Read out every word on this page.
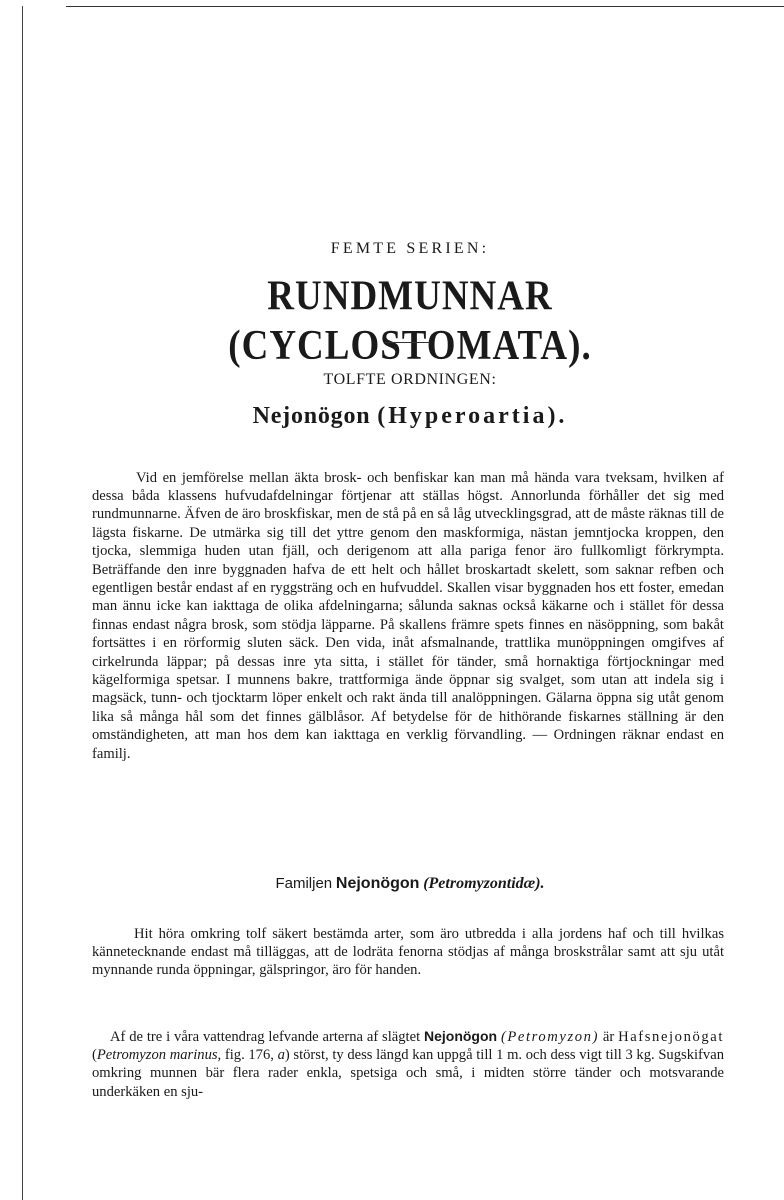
FEMTE SERIEN:
RUNDMUNNAR (CYCLOSTOMATA).
TOLFTE ORDNINGEN:
Nejonögon (Hyperoartia).

Vid en jemförelse mellan äkta brosk- och benfiskar kan man må hända vara tveksam, hvilken af dessa båda klassens hufvudafdelningar förtjenar att ställas högst. Annorlunda förhåller det sig med rundmunnarne. Äfven de äro broskfiskar, men de stå på en så låg utvecklingsgrad, att de måste räknas till de lägsta fiskarne. De utmärka sig till det yttre genom den maskformiga, nästan jemntjocka kroppen, den tjocka, slemmiga huden utan fjäll, och derigenom att alla pariga fenor äro fullkomligt förkrympta. Beträffande den inre byggnaden hafva de ett helt och hållet broskartadt skelett, som saknar refben och egentligen består endast af en ryggsträng och en hufvuddel. Skallen visar byggnaden hos ett foster, emedan man ännu icke kan iakttaga de olika afdelningarna; sålunda saknas också käkarne och i stället för dessa finnas endast några brosk, som stödja läpparne. På skallens främre spets finnes en näsöppning, som bakåt fortsättes i en rörformig sluten säck. Den vida, inåt afsmalnande, trattlika munöppningen omgifves af cirkelrunda läppar; på dessas inre yta sitta, i stället för tänder, små hornaktiga förtjockningar med kägelformiga spetsar. I munnens bakre, trattformiga ände öppnar sig svalget, som utan att indela sig i magsäck, tunn- och tjocktarm löper enkelt och rakt ända till analöppningen. Gälarna öppna sig utåt genom lika så många hål som det finnes gälblåsor. Af betydelse för de hithörande fiskarnes ställning är den omständigheten, att man hos dem kan iakttaga en verklig förvandling. — Ordningen räknar endast en familj.

Familjen Nejonögon (Petromyzontidæ).

Hit höra omkring tolf säkert bestämda arter, som äro utbredda i alla jordens haf och till hvilkas kännetecknande endast må tilläggas, att de lodräta fenorna stödjas af många broskstrålar samt att sju utåt mynnande runda öppningar, gälspringor, äro för handen.

Af de tre i våra vattendrag lefvande arterna af slägtet Nejonögon (Petromyzon) är Hafsnejonögat (Petromyzon marinus, fig. 176, a) störst, ty dess längd kan uppgå till 1 m. och dess vigt till 3 kg. Sugskifvan omkring munnen bär flera rader enkla, spetsiga och små, i midten större tänder och motsvarande underkäken en sju-
